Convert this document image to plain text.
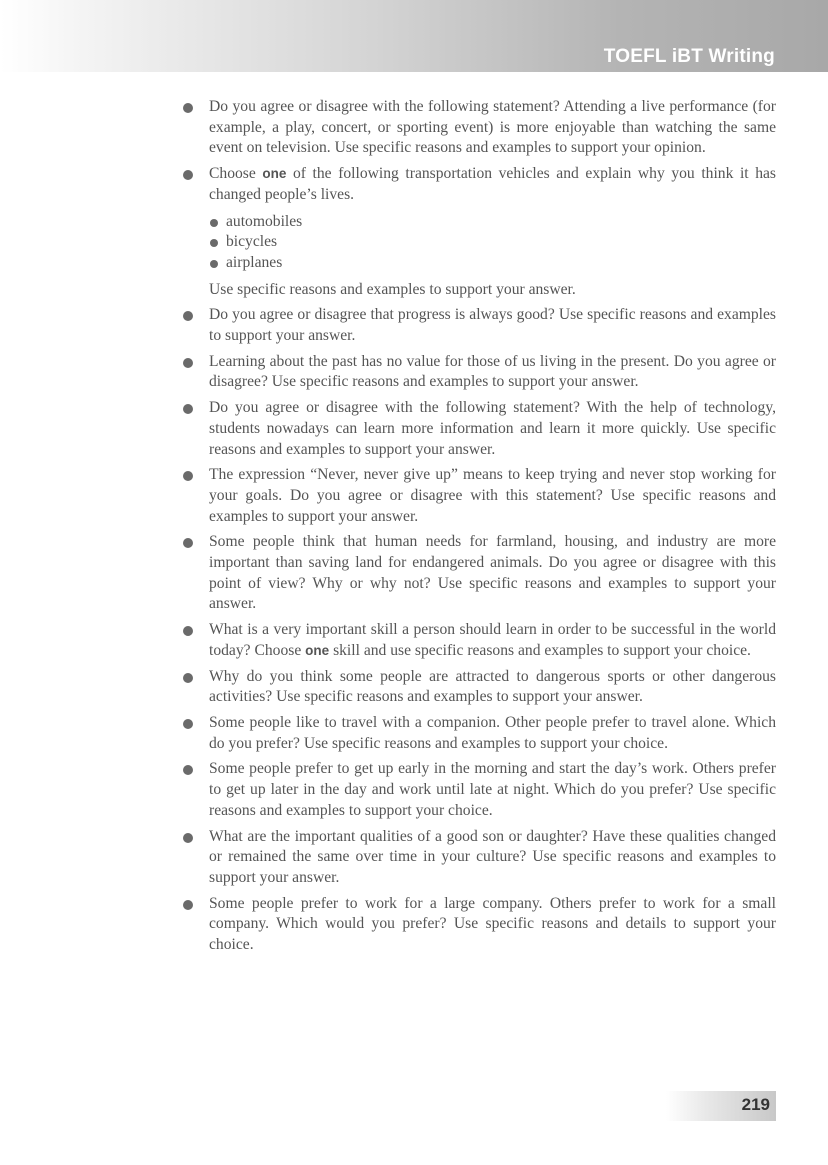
TOEFL iBT Writing

Do you agree or disagree with the following statement? Attending a live performance (for example, a play, concert, or sporting event) is more enjoyable than watching the same event on television. Use specific reasons and examples to support your opinion.

Choose one of the following transportation vehicles and explain why you think it has changed people’s lives.

automobiles
bicycles
airplanes

Use specific reasons and examples to support your answer.

Do you agree or disagree that progress is always good? Use specific reasons and examples to support your answer.

Learning about the past has no value for those of us living in the present. Do you agree or disagree? Use specific reasons and examples to support your answer.

Do you agree or disagree with the following statement? With the help of technology, students nowadays can learn more information and learn it more quickly. Use specific reasons and examples to support your answer.

The expression “Never, never give up” means to keep trying and never stop working for your goals. Do you agree or disagree with this statement? Use specific reasons and examples to support your answer.

Some people think that human needs for farmland, housing, and industry are more important than saving land for endangered animals. Do you agree or disagree with this point of view? Why or why not? Use specific reasons and examples to support your answer.

What is a very important skill a person should learn in order to be successful in the world today? Choose one skill and use specific reasons and examples to support your choice.

Why do you think some people are attracted to dangerous sports or other dangerous activities? Use specific reasons and examples to support your answer.

Some people like to travel with a companion. Other people prefer to travel alone. Which do you prefer? Use specific reasons and examples to support your choice.

Some people prefer to get up early in the morning and start the day’s work. Others prefer to get up later in the day and work until late at night. Which do you prefer? Use specific reasons and examples to support your choice.

What are the important qualities of a good son or daughter? Have these qualities changed or remained the same over time in your culture? Use specific reasons and examples to support your answer.

Some people prefer to work for a large company. Others prefer to work for a small company. Which would you prefer? Use specific reasons and details to support your choice.

219
